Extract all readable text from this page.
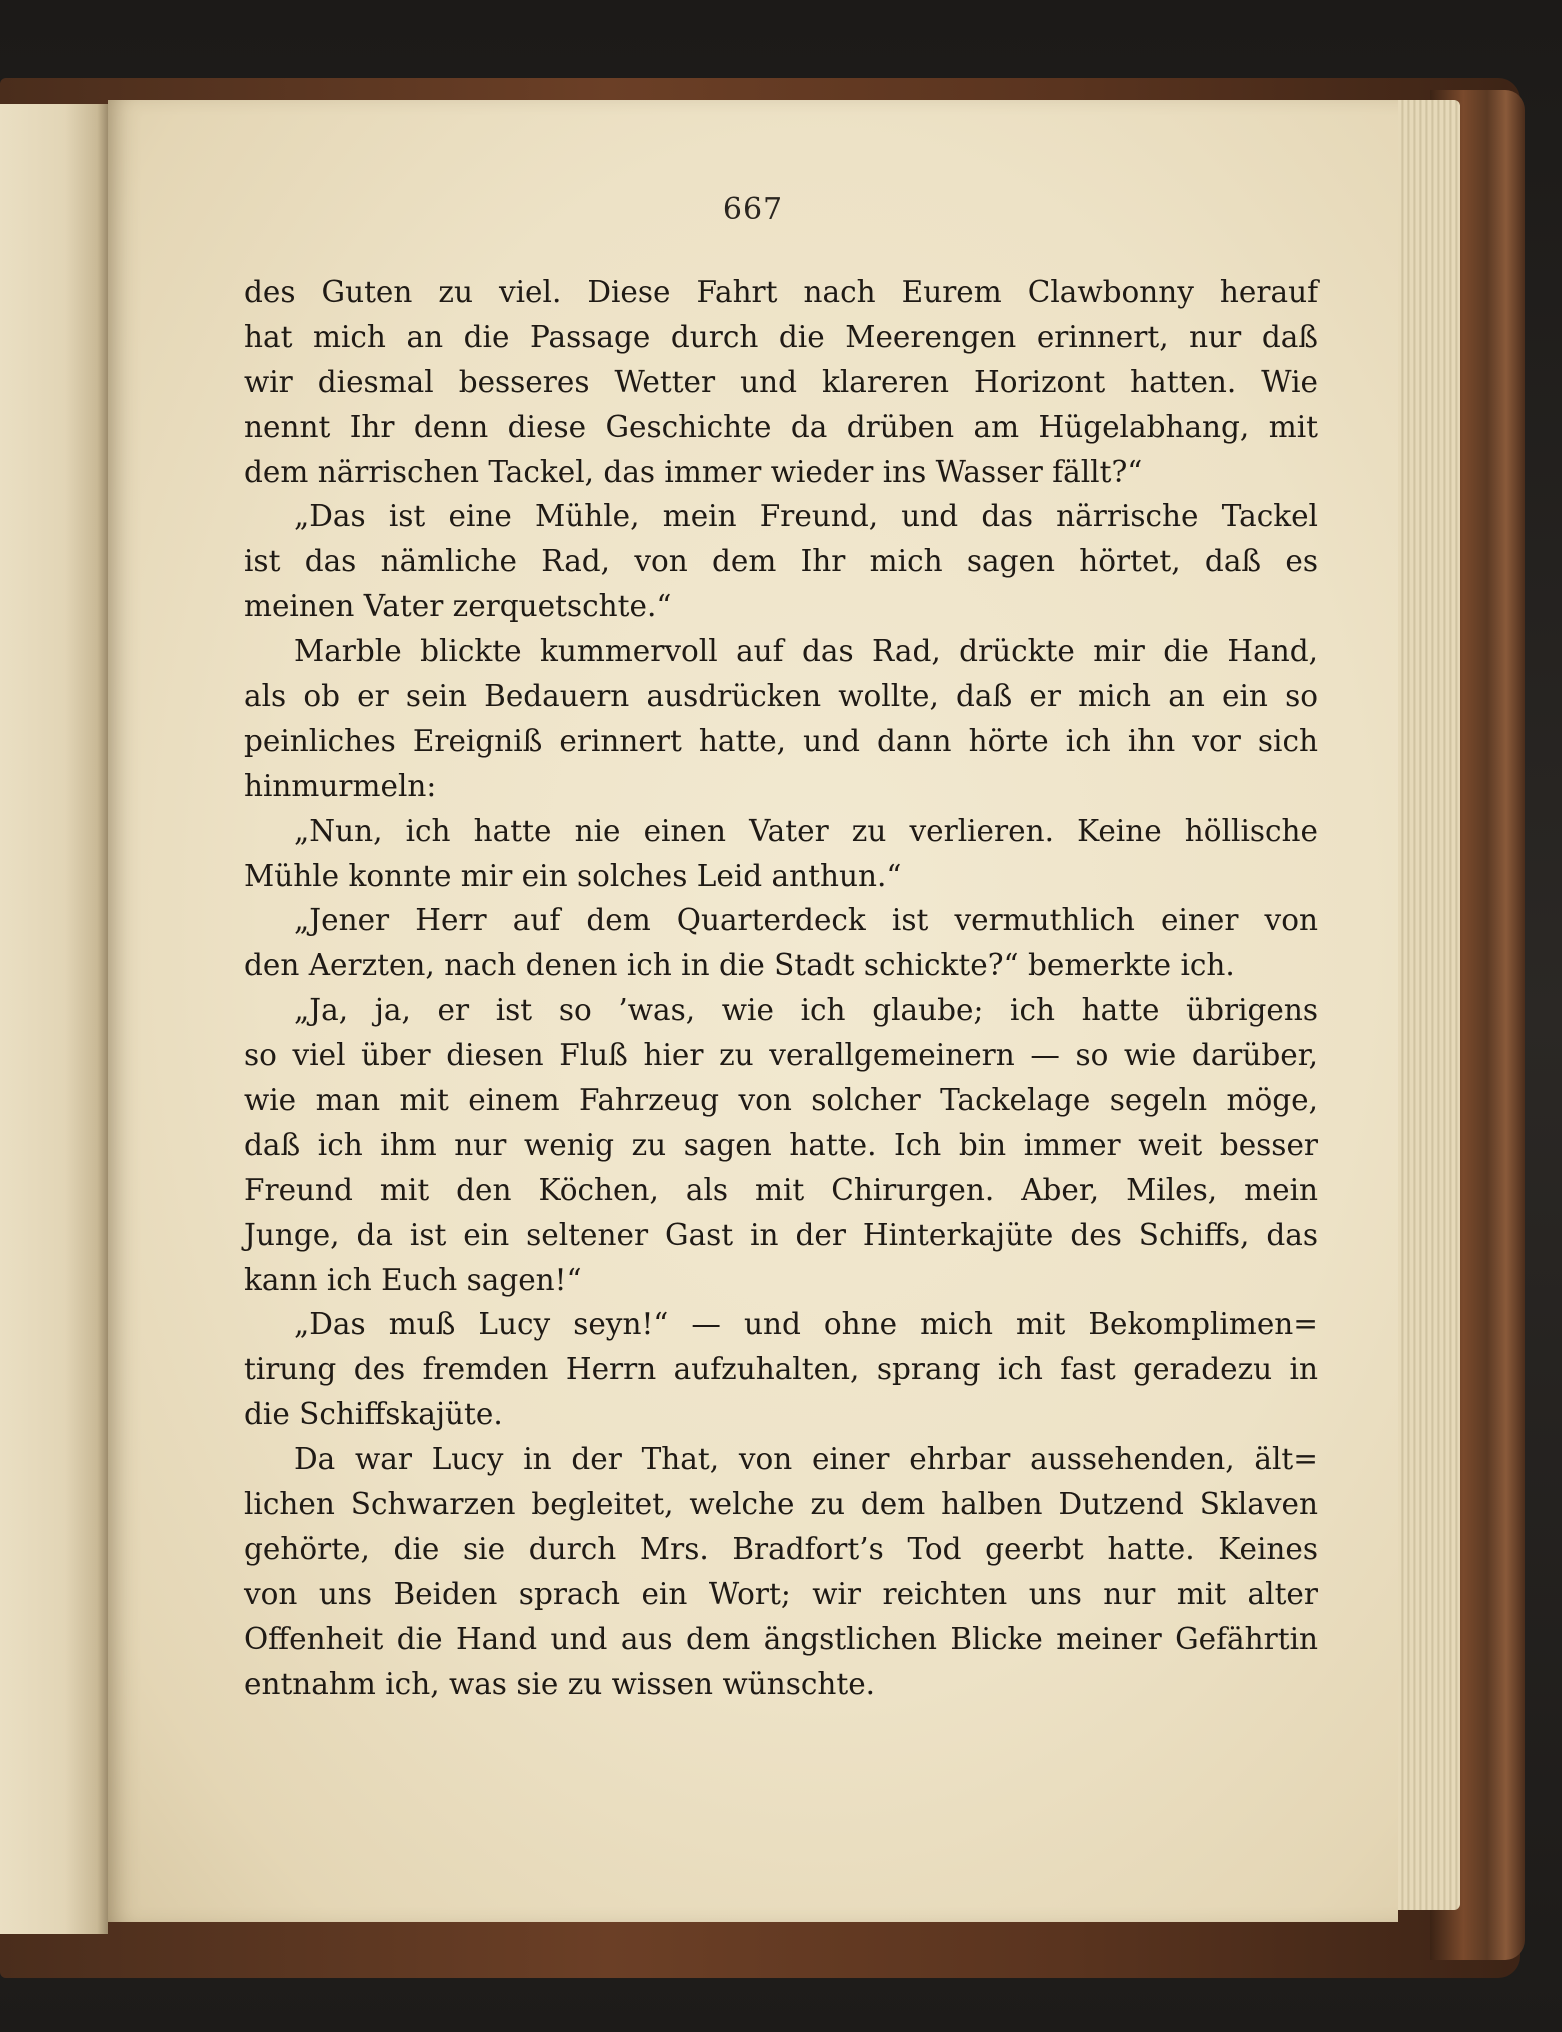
667
des Guten zu viel. Diese Fahrt nach Eurem Clawbonny herauf
hat mich an die Passage durch die Meerengen erinnert, nur daß
wir diesmal besseres Wetter und klareren Horizont hatten. Wie
nennt Ihr denn diese Geschichte da drüben am Hügelabhang, mit
dem närrischen Tackel, das immer wieder ins Wasser fällt?“
„Das ist eine Mühle, mein Freund, und das närrische Tackel
ist das nämliche Rad, von dem Ihr mich sagen hörtet, daß es
meinen Vater zerquetschte.“
Marble blickte kummervoll auf das Rad, drückte mir die Hand,
als ob er sein Bedauern ausdrücken wollte, daß er mich an ein so
peinliches Ereigniß erinnert hatte, und dann hörte ich ihn vor sich
hinmurmeln:
„Nun, ich hatte nie einen Vater zu verlieren. Keine höllische
Mühle konnte mir ein solches Leid anthun.“
„Jener Herr auf dem Quarterdeck ist vermuthlich einer von
den Aerzten, nach denen ich in die Stadt schickte?“ bemerkte ich.
„Ja, ja, er ist so ’was, wie ich glaube; ich hatte übrigens
so viel über diesen Fluß hier zu verallgemeinern — so wie darüber,
wie man mit einem Fahrzeug von solcher Tackelage segeln möge,
daß ich ihm nur wenig zu sagen hatte. Ich bin immer weit besser
Freund mit den Köchen, als mit Chirurgen. Aber, Miles, mein
Junge, da ist ein seltener Gast in der Hinterkajüte des Schiffs, das
kann ich Euch sagen!“
„Das muß Lucy seyn!“ — und ohne mich mit Bekomplimen=
tirung des fremden Herrn aufzuhalten, sprang ich fast geradezu in
die Schiffskajüte.
Da war Lucy in der That, von einer ehrbar aussehenden, ält=
lichen Schwarzen begleitet, welche zu dem halben Dutzend Sklaven
gehörte, die sie durch Mrs. Bradfort’s Tod geerbt hatte. Keines
von uns Beiden sprach ein Wort; wir reichten uns nur mit alter
Offenheit die Hand und aus dem ängstlichen Blicke meiner Gefährtin
entnahm ich, was sie zu wissen wünschte.
